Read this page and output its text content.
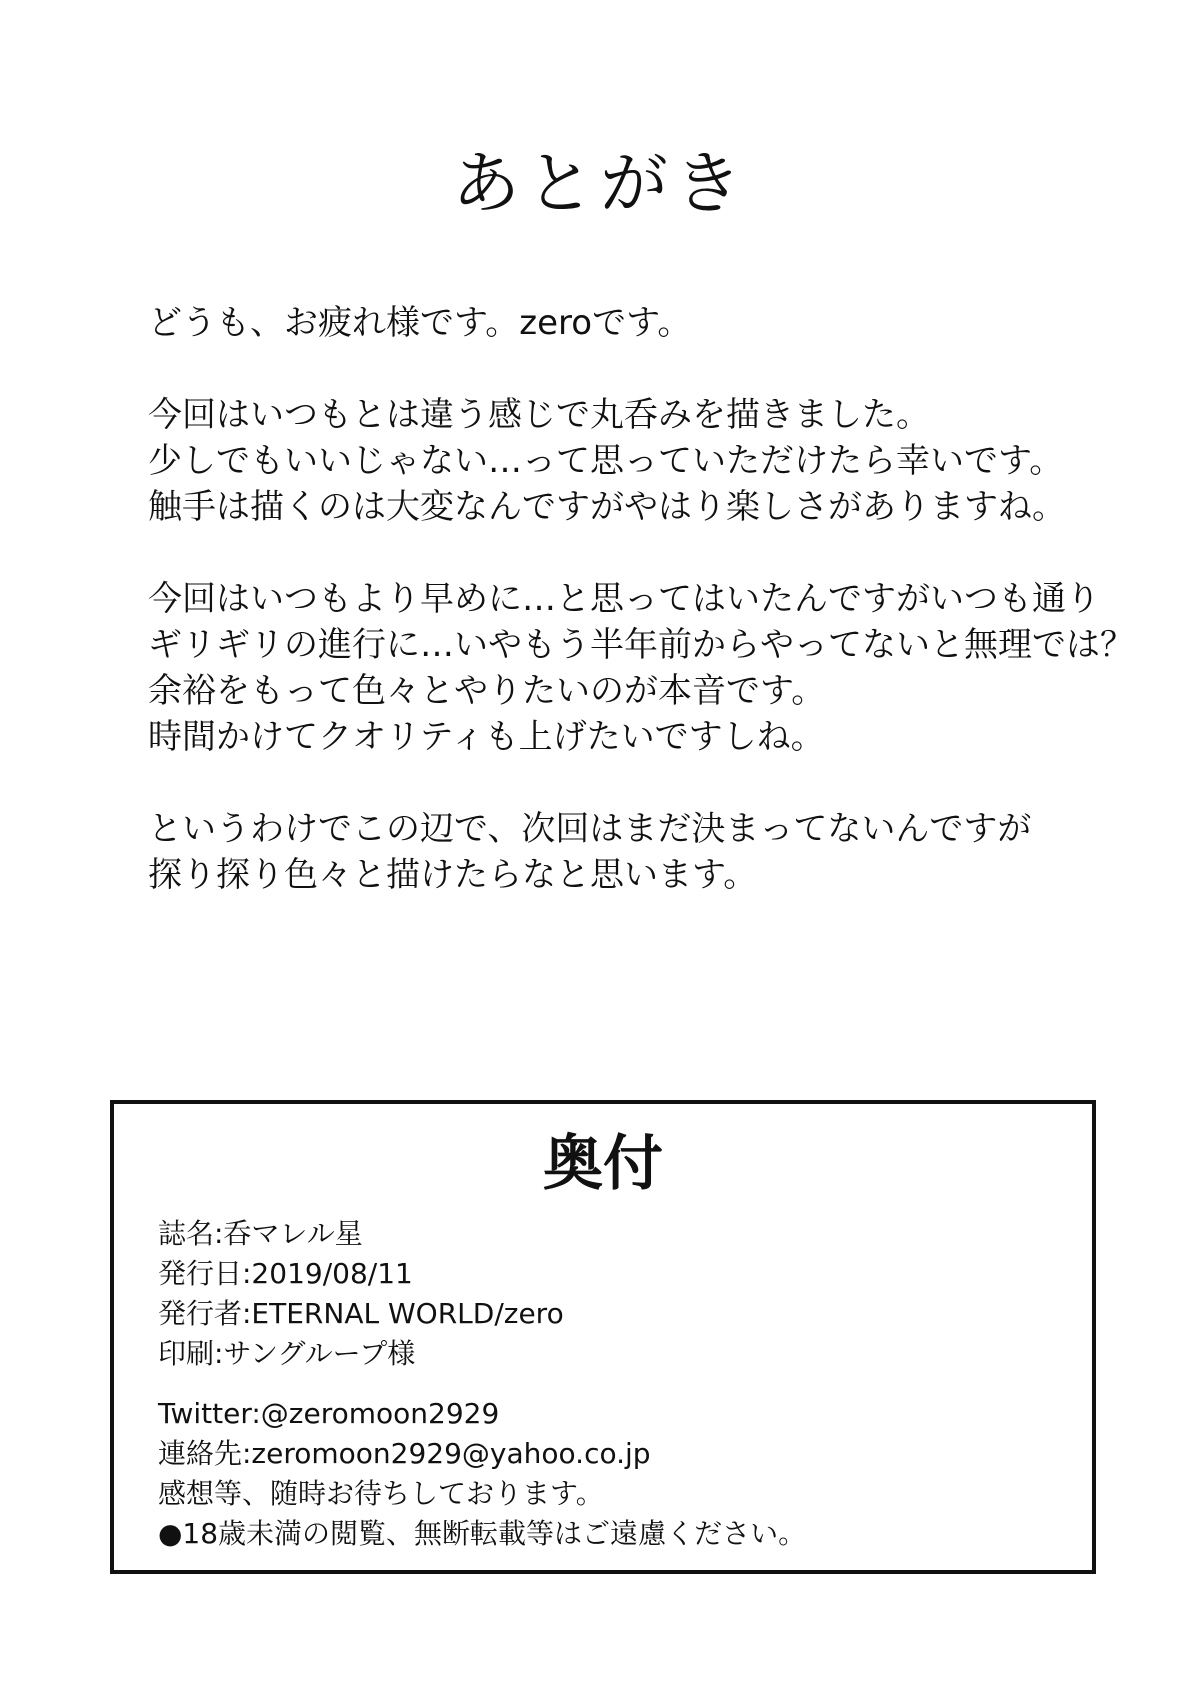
あとがき

どうも、お疲れ様です。zeroです。

今回はいつもとは違う感じで丸呑みを描きました。
少しでもいいじゃない…って思っていただけたら幸いです。
触手は描くのは大変なんですがやはり楽しさがありますね。

今回はいつもより早めに…と思ってはいたんですがいつも通り
ギリギリの進行に…いやもう半年前からやってないと無理では？
余裕をもって色々とやりたいのが本音です。
時間かけてクオリティも上げたいですしね。

というわけでこの辺で、次回はまだ決まってないんですが
探り探り色々と描けたらなと思います。

奥付
誌名:呑マレル星
発行日:2019/08/11
発行者:ETERNAL WORLD/zero
印刷:サングループ様
Twitter:@zeromoon2929
連絡先:zeromoon2929@yahoo.co.jp
感想等、随時お待ちしております。
●18歳未満の閲覧、無断転載等はご遠慮ください。
